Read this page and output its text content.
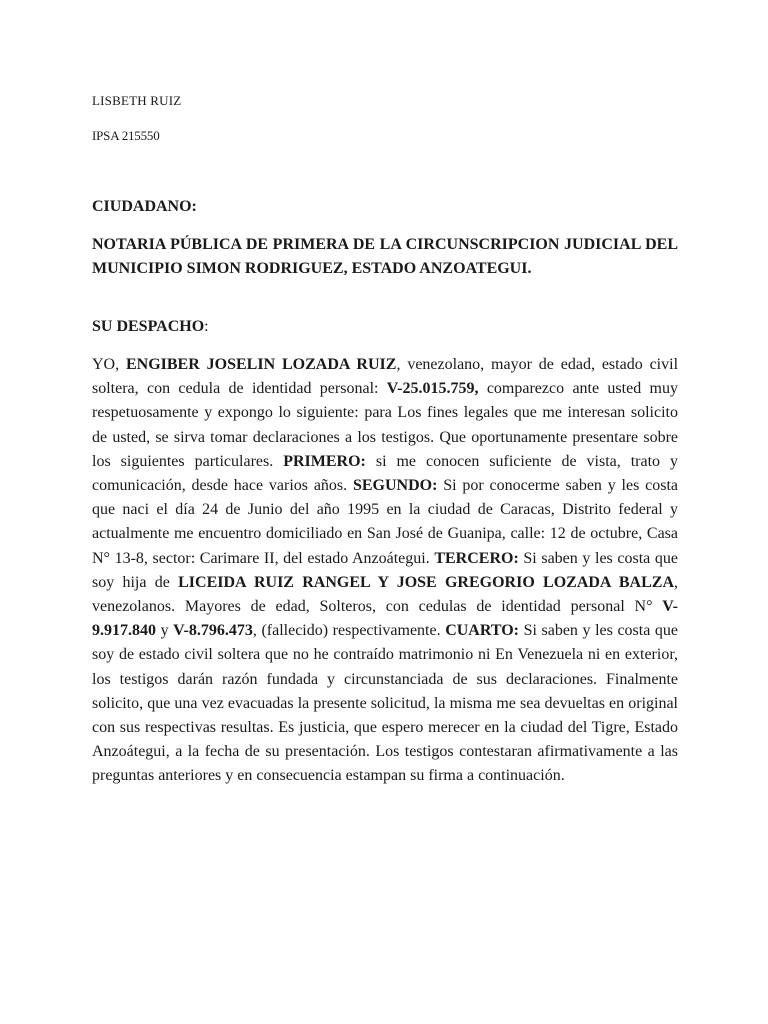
LISBETH RUIZ
IPSA 215550
CIUDADANO:

NOTARIA PÚBLICA DE PRIMERA DE LA CIRCUNSCRIPCION JUDICIAL DEL MUNICIPIO SIMON RODRIGUEZ, ESTADO ANZOATEGUI.

SU DESPACHO:

YO, ENGIBER JOSELIN LOZADA RUIZ, venezolano, mayor de edad, estado civil soltera, con cedula de identidad personal: V-25.015.759, comparezco ante usted muy respetuosamente y expongo lo siguiente: para Los fines legales que me interesan solicito de usted, se sirva tomar declaraciones a los testigos. Que oportunamente presentare sobre los siguientes particulares. PRIMERO: si me conocen suficiente de vista, trato y comunicación, desde hace varios años. SEGUNDO: Si por conocerme saben y les costa que naci el día 24 de Junio del año 1995 en la ciudad de Caracas, Distrito federal y actualmente me encuentro domiciliado en San José de Guanipa, calle: 12 de octubre, Casa N° 13-8, sector: Carimare II, del estado Anzoátegui. TERCERO: Si saben y les costa que soy hija de LICEIDA RUIZ RANGEL Y JOSE GREGORIO LOZADA BALZA, venezolanos. Mayores de edad, Solteros, con cedulas de identidad personal N° V-9.917.840 y V-8.796.473, (fallecido) respectivamente. CUARTO: Si saben y les costa que soy de estado civil soltera que no he contraído matrimonio ni En Venezuela ni en exterior, los testigos darán razón fundada y circunstanciada de sus declaraciones. Finalmente solicito, que una vez evacuadas la presente solicitud, la misma me sea devueltas en original con sus respectivas resultas. Es justicia, que espero merecer en la ciudad del Tigre, Estado Anzoátegui, a la fecha de su presentación. Los testigos contestaran afirmativamente a las preguntas anteriores y en consecuencia estampan su firma a continuación.
